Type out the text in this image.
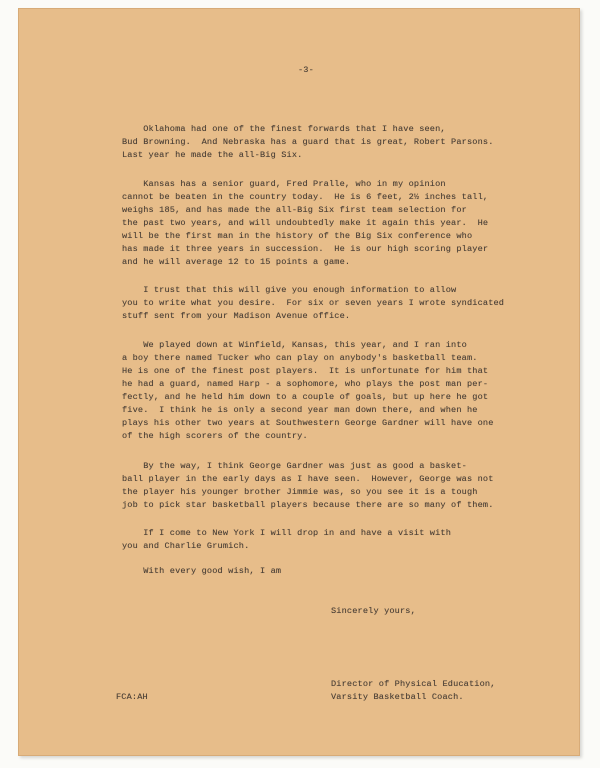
-3-
Oklahoma had one of the finest forwards that I have seen,
Bud Browning.  And Nebraska has a guard that is great, Robert Parsons.
Last year he made the all-Big Six.
Kansas has a senior guard, Fred Pralle, who in my opinion
cannot be beaten in the country today.  He is 6 feet, 2½ inches tall,
weighs 185, and has made the all-Big Six first team selection for
the past two years, and will undoubtedly make it again this year.  He
will be the first man in the history of the Big Six conference who
has made it three years in succession.  He is our high scoring player
and he will average 12 to 15 points a game.
I trust that this will give you enough information to allow
you to write what you desire.  For six or seven years I wrote syndicated
stuff sent from your Madison Avenue office.
We played down at Winfield, Kansas, this year, and I ran into
a boy there named Tucker who can play on anybody's basketball team.
He is one of the finest post players.  It is unfortunate for him that
he had a guard, named Harp - a sophomore, who plays the post man per-
fectly, and he held him down to a couple of goals, but up here he got
five.  I think he is only a second year man down there, and when he
plays his other two years at Southwestern George Gardner will have one
of the high scorers of the country.
By the way, I think George Gardner was just as good a basket-
ball player in the early days as I have seen.  However, George was not
the player his younger brother Jimmie was, so you see it is a tough
job to pick star basketball players because there are so many of them.
If I come to New York I will drop in and have a visit with
you and Charlie Grumich.
With every good wish, I am
Sincerely yours,
Director of Physical Education,
Varsity Basketball Coach.
FCA:AH
